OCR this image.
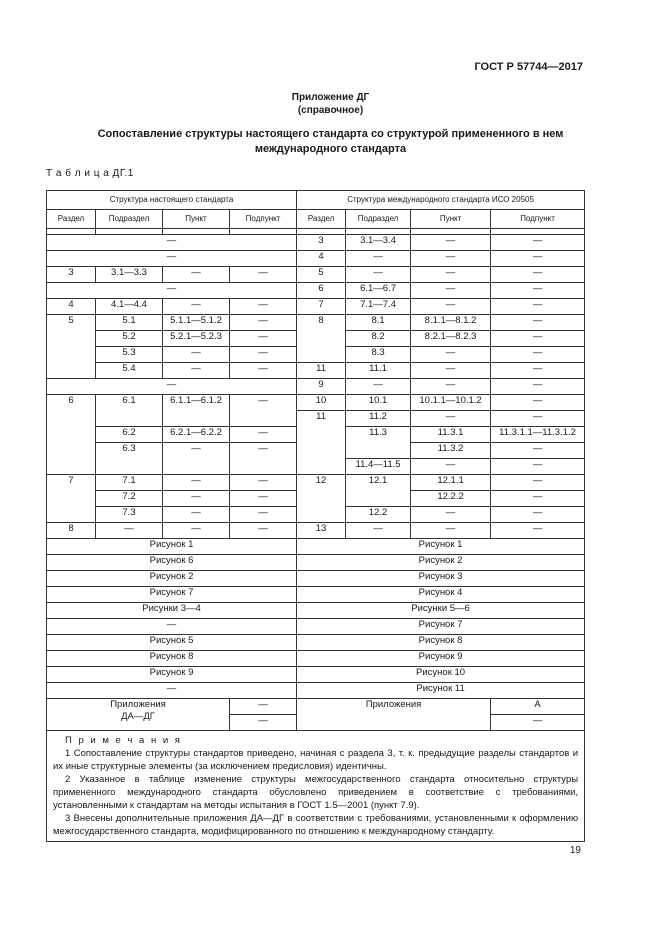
ГОСТ Р 57744—2017
Приложение ДГ
(справочное)
Сопоставление структуры настоящего стандарта со структурой примененного в нем
международного стандарта
Т а б л и ц а ДГ.1
Структура настоящего стандарта				Структура международного стандарта ИСО 20505			
Раздел	Подраздел	Пункт	Подпункт	Раздел	Подраздел	Пункт	Подпункт

—				3	3.1—3.4	—	—
—				4	—	—	—
3	3.1—3.3	—	—	5	—	—	—
—				6	6.1—6.7	—	—
4	4.1—4.4	—	—	7	7.1—7.4	—	—
5	5.1	5.1.1—5.1.2	—	8	8.1	8.1.1—8.1.2	—
	5.2	5.2.1—5.2.3	—		8.2	8.2.1—8.2.3	—
	5.3	—	—		8.3	—	—
	5.4	—	—	11	11.1	—	—
—				9	—	—	—
6	6.1	6.1.1—6.1.2	—	10	10.1	10.1.1—10.1.2	—
				11	11.2	—	—
	6.2	6.2.1—6.2.2	—		11.3	11.3.1	11.3.1.1—11.3.1.2
	6.3	—	—			11.3.2	—
					11.4—11.5	—	—
7	7.1	—	—	12	12.1	12.1.1	—
	7.2	—	—			12.2.2	—
	7.3	—	—		12.2	—	—
8	—	—	—	13	—	—	—
Рисунок 1				Рисунок 1			
Рисунок 6				Рисунок 2			
Рисунок 2				Рисунок 3			
Рисунок 7				Рисунок 4			
Рисунки 3—4				Рисунки 5—6			
—				Рисунок 7			
Рисунок 5				Рисунок 8			
Рисунок 8				Рисунок 9			
Рисунок 9				Рисунок 10			
—				Рисунок 11			

Приложения
ДА—ДГ			—	Приложения			А
			—				—

П р и м е ч а н и я

1 Сопоставление структуры стандартов приведено, начиная с раздела 3, т. к. предыдущие разделы стандартов и их иные структурные элементы (за исключением предисловия) идентичны.

2 Указанное в таблице изменение структуры межгосударственного стандарта относительно структуры примененного международного стандарта обусловлено приведением в соответствие с требованиями, установленными к стандартам на методы испытания в ГОСТ 1.5—2001 (пункт 7.9).

3 Внесены дополнительные приложения ДА—ДГ в соответствии с требованиями, установленными к оформлению межгосударственного стандарта, модифицированного по отношению к международному стандарту.							

19
